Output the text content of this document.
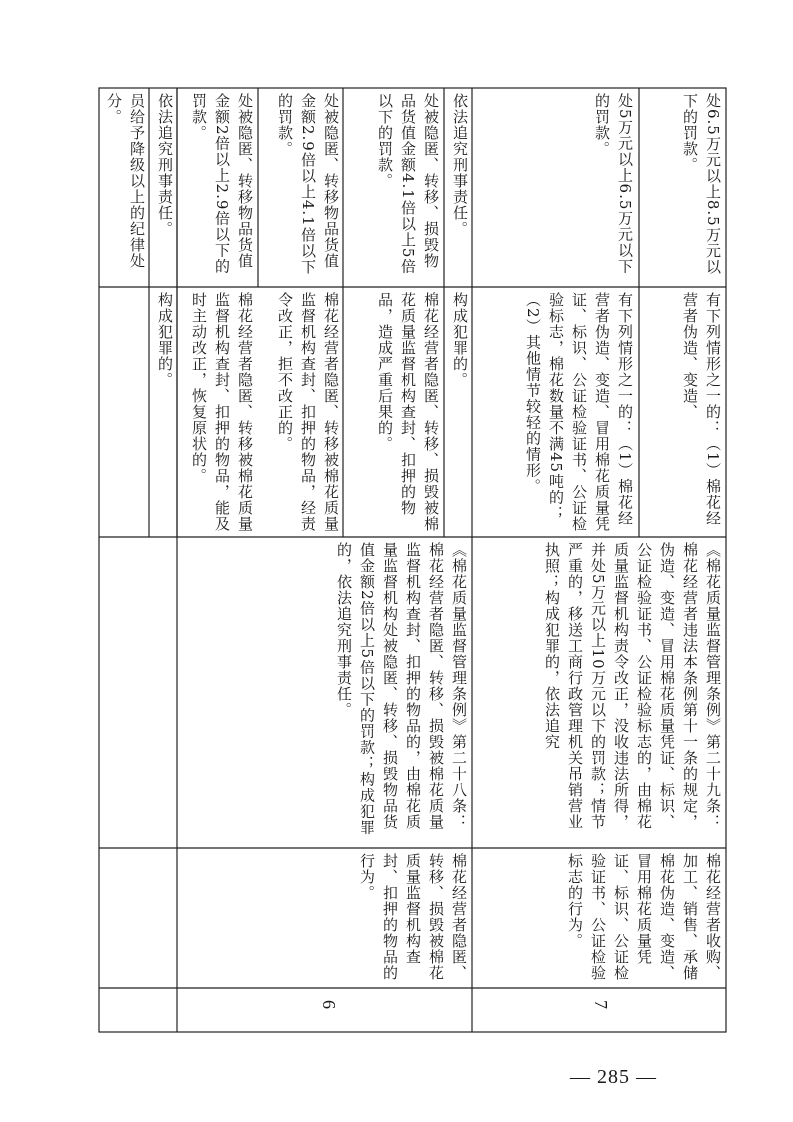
员给予降级以上的纪律处分。
构成犯罪的。
依法追究刑事责任。
棉花经营者隐匿、转移被棉花质量监督机构查封、扣押的物品，能及时主动改正，恢复原状的。
处被隐匿、转移物品货值金额2倍以上2.9倍以下的罚款。
棉花经营者隐匿、转移被棉花质量监督机构查封、扣押的物品，经责令改正，拒不改正的。
处被隐匿、转移物品货值金额2.9倍以上4.1倍以下的罚款。
棉花经营者隐匿、转移、损毁被棉花质量监督机构查封、扣押的物品，造成严重后果的。
处被隐匿、转移、损毁物品货值金额4.1倍以上5倍以下的罚款。
构成犯罪的。
依法追究刑事责任。
《棉花质量监督管理条例》第二十八条：棉花经营者隐匿、转移、损毁被棉花质量监督机构查封、扣押的物品的，由棉花质量监督机构处被隐匿、转移、损毁物品货值金额2倍以上5倍以下的罚款；构成犯罪的，依法追究刑事责任。
棉花经营者隐匿、转移、损毁被棉花质量监督机构查封、扣押的物品的行为。
6
有下列情形之一的：（1）棉花经营者伪造、变造、冒用棉花质量凭证、标识、公证检验证书、公证检验标志，棉花数量不满45吨的；（2）其他情节较轻的情形。
处5万元以上6.5万元以下的罚款。
有下列情形之一的：（1）棉花经营者伪造、变造、
处6.5万元以上8.5万元以下的罚款。
《棉花质量监督管理条例》第二十九条：棉花经营者违法本条例第十一条的规定，伪造、变造、冒用棉花质量凭证、标识、公证检验证书、公证检验标志的，由棉花质量监督机构责令改正，没收违法所得，并处5万元以上10万元以下的罚款；情节严重的，移送工商行政管理机关吊销营业执照；构成犯罪的，依法追究
棉花经营者收购、加工、销售、承储棉花伪造、变造、冒用棉花质量凭证、标识、公证检验证书、公证检验标志的行为。
7
— 285 —
